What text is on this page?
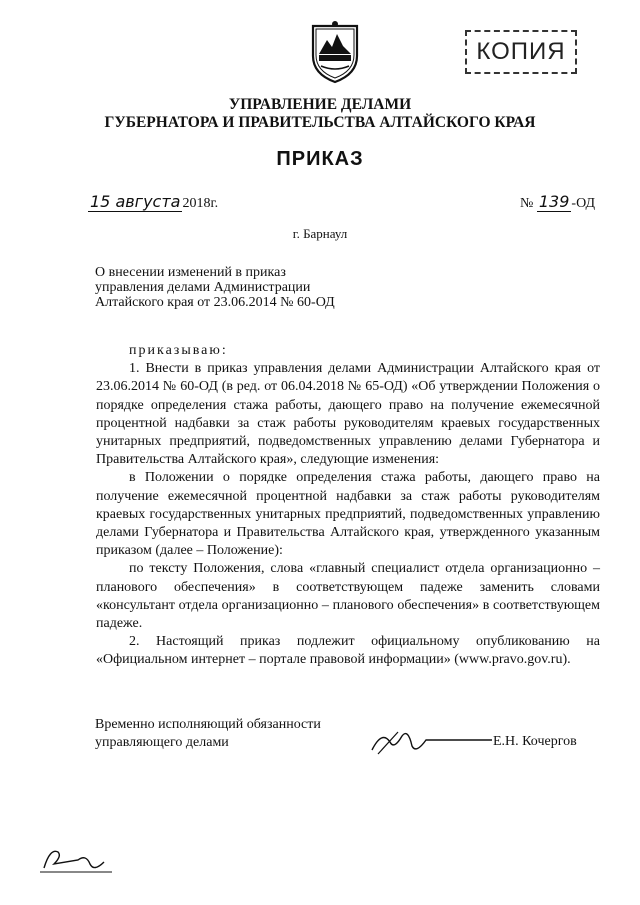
КОПИЯ
УПРАВЛЕНИЕ ДЕЛАМИ
ГУБЕРНАТОРА И ПРАВИТЕЛЬСТВА АЛТАЙСКОГО КРАЯ
ПРИКАЗ
15 августа 2018г.	№ 139 -ОД
г. Барнаул
О внесении изменений в приказ
управления делами Администрации
Алтайского края от 23.06.2014 № 60-ОД

приказываю:

1. Внести в приказ управления делами Администрации Алтайского края от 23.06.2014 № 60-ОД (в ред. от 06.04.2018 № 65-ОД) «Об утверждении Положения о порядке определения стажа работы, дающего право на получение ежемесячной процентной надбавки за стаж работы руководителям краевых государственных унитарных предприятий, подведомственных управлению делами Губернатора и Правительства Алтайского края», следующие изменения:

в Положении о порядке определения стажа работы, дающего право на получение ежемесячной процентной надбавки за стаж работы руководителям краевых государственных унитарных предприятий, подведомственных управлению делами Губернатора и Правительства Алтайского края, утвержденного указанным приказом (далее – Положение):

по тексту Положения, слова «главный специалист отдела организационно – планового обеспечения» в соответствующем падеже заменить словами «консультант отдела организационно – планового обеспечения» в соответствующем падеже.

2. Настоящий приказ подлежит официальному опубликованию на «Официальном интернет – портале правовой информации» (www.pravo.gov.ru).

Временно исполняющий обязанности
управляющего делами	Е.Н. Кочергов
